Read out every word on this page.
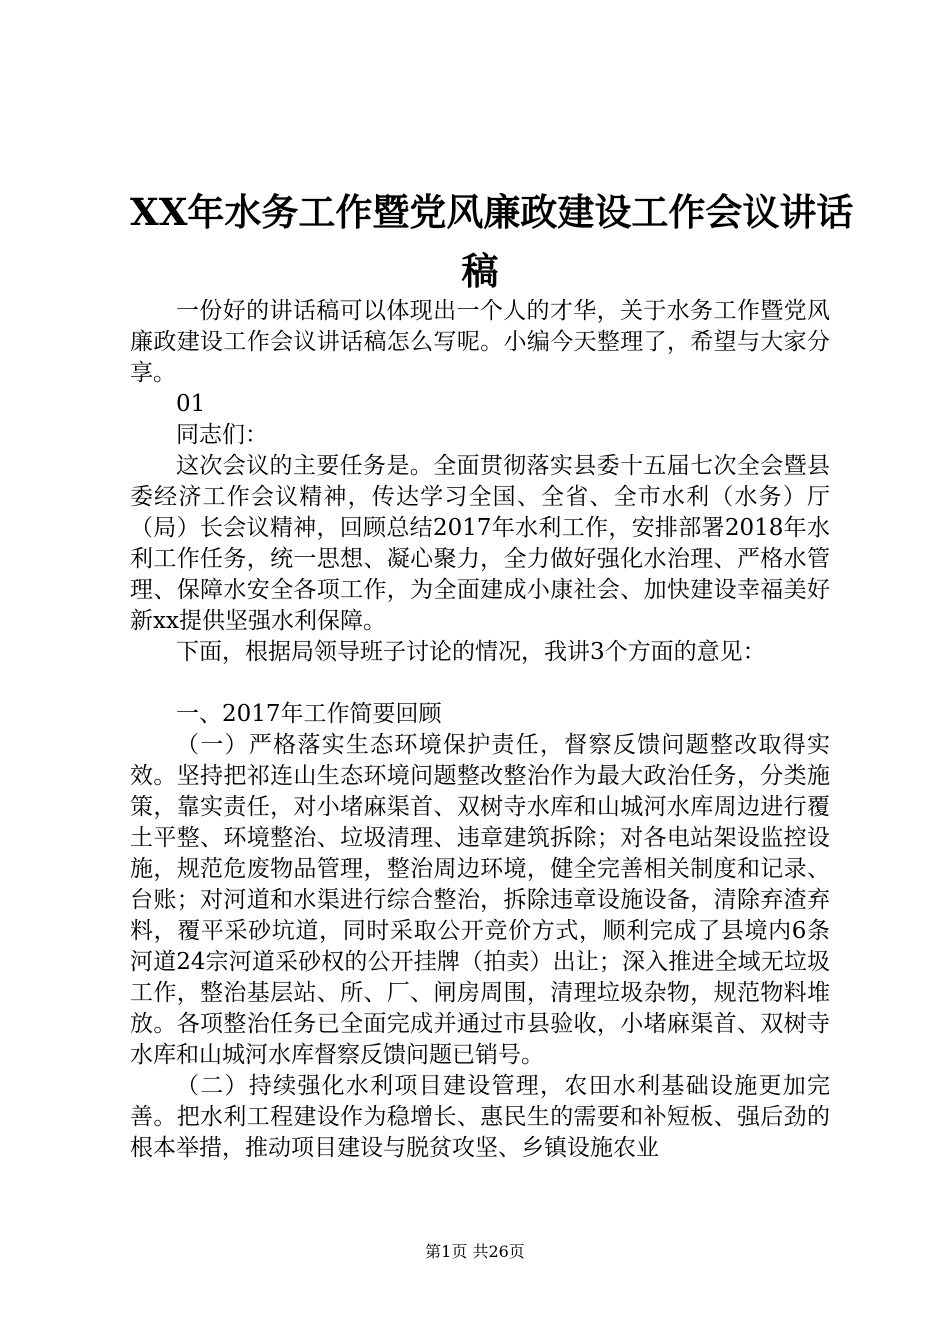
XX年水务工作暨党风廉政建设工作会议讲话
稿

一份好的讲话稿可以体现出一个人的才华，关于水务工作暨党风廉政建设工作会议讲话稿怎么写呢。小编今天整理了，希望与大家分享。

01

同志们：

这次会议的主要任务是。全面贯彻落实县委十五届七次全会暨县委经济工作会议精神，传达学习全国、全省、全市水利（水务）厅（局）长会议精神，回顾总结2017年水利工作，安排部署2018年水利工作任务，统一思想、凝心聚力，全力做好强化水治理、严格水管理、保障水安全各项工作，为全面建成小康社会、加快建设幸福美好新xx提供坚强水利保障。

下面，根据局领导班子讨论的情况，我讲3个方面的意见：

一、2017年工作简要回顾

（一）严格落实生态环境保护责任，督察反馈问题整改取得实效。坚持把祁连山生态环境问题整改整治作为最大政治任务，分类施策，靠实责任，对小堵麻渠首、双树寺水库和山城河水库周边进行覆土平整、环境整治、垃圾清理、违章建筑拆除；对各电站架设监控设施，规范危废物品管理，整治周边环境，健全完善相关制度和记录、台账；对河道和水渠进行综合整治，拆除违章设施设备，清除弃渣弃料，覆平采砂坑道，同时采取公开竞价方式，顺利完成了县境内6条河道24宗河道采砂权的公开挂牌（拍卖）出让；深入推进全域无垃圾工作，整治基层站、所、厂、闸房周围，清理垃圾杂物，规范物料堆放。各项整治任务已全面完成并通过市县验收，小堵麻渠首、双树寺水库和山城河水库督察反馈问题已销号。

（二）持续强化水利项目建设管理，农田水利基础设施更加完善。把水利工程建设作为稳增长、惠民生的需要和补短板、强后劲的根本举措，推动项目建设与脱贫攻坚、乡镇设施农业

第1页 共26页
